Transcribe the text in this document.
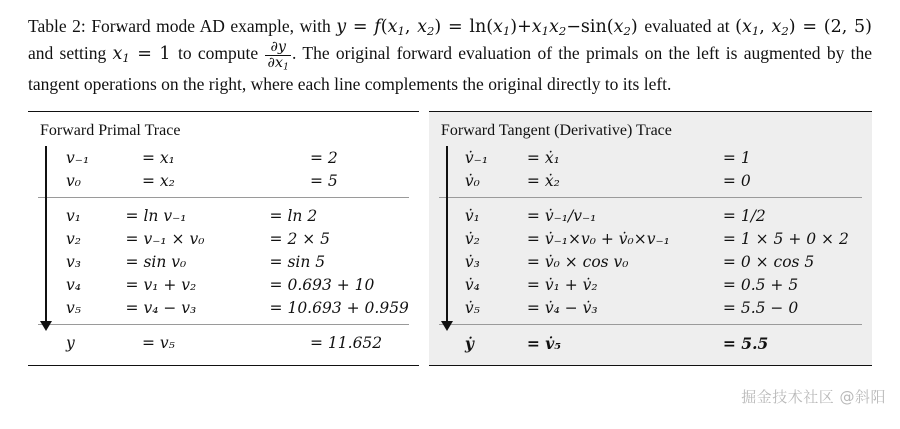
Table 2: Forward mode AD example, with $y = f(x_1$, $x_2) = \ln(x_1)+x_1x_2-\sin(x_2)$ evaluated at ($x_1$, $x_2) = (2$, 5) and setting ˙ $x_1 = 1$ to compute $\frac{\partial y}{\partial x_1}$ . The original forward evaluation of the primals on the left is augmented by the tangent operations on the right, where each line complements the original directly to its left.
Forward Primal Trace
v₋₁	= x₁	= 2
v₀	= x₂	= 5
v₁	= ln v₋₁	= ln 2
v₂	= v₋₁ × v₀	= 2 × 5
v₃	= sin v₀	= sin 5
v₄	= v₁ + v₂	= 0.693 + 10
v₅	= v₄ − v₃	= 10.693 + 0.959
y	= v₅	= 11.652
Forward Tangent (Derivative) Trace
v̇₋₁	= ẋ₁	= 1
v̇₀	= ẋ₂	= 0
v̇₁	= v̇₋₁/v₋₁	= 1/2
v̇₂	= v̇₋₁×v₀ + v̇₀×v₋₁	= 1 × 5 + 0 × 2
v̇₃	= v̇₀ × cos v₀	= 0 × cos 5
v̇₄	= v̇₁ + v̇₂	= 0.5 + 5
v̇₅	= v̇₄ − v̇₃	= 5.5 − 0
ẏ	= v̇₅	= 5.5
掘金技术社区 @斜阳
